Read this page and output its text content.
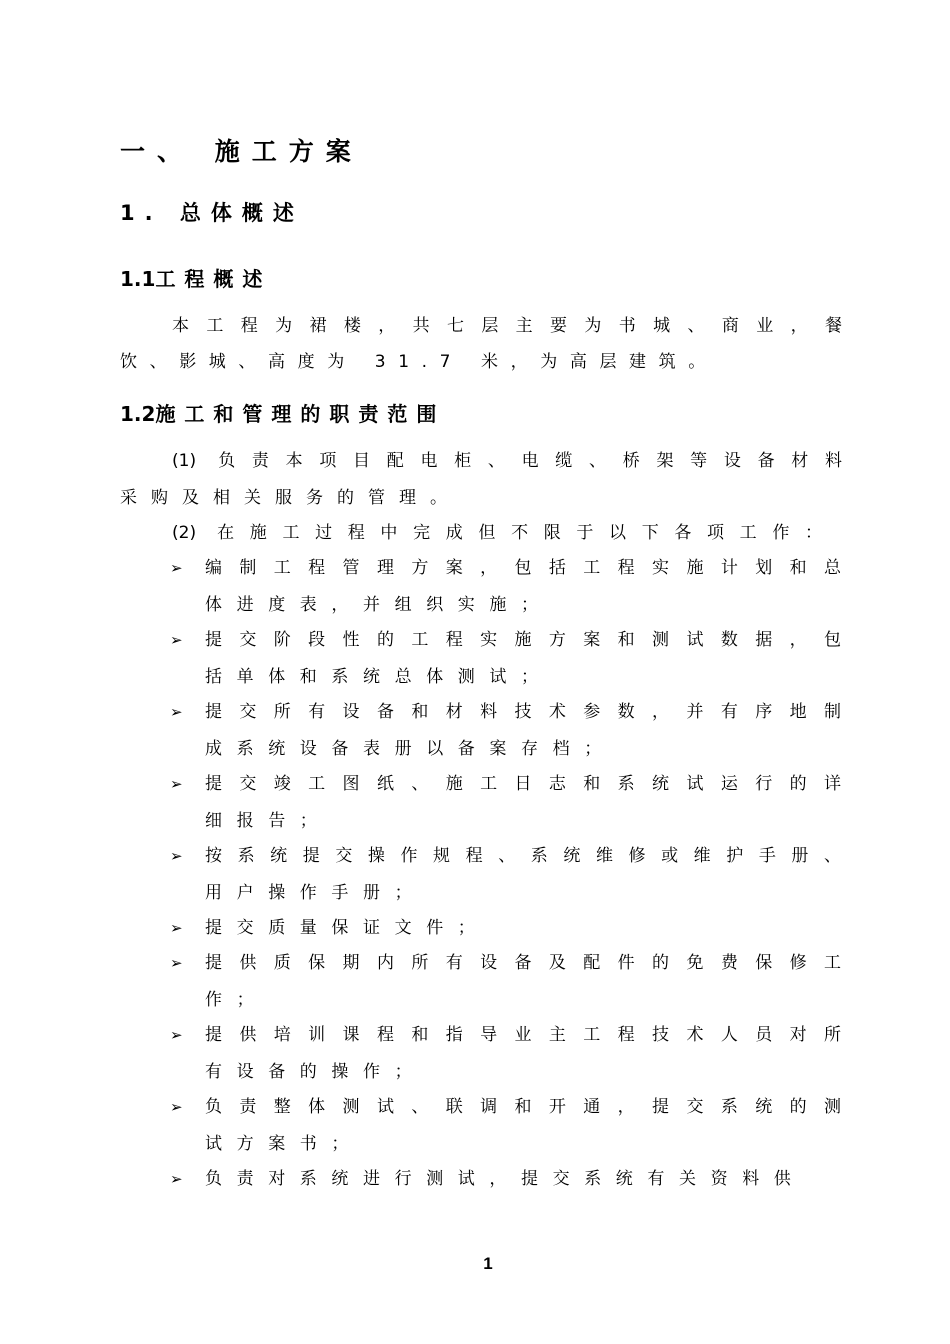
一、 施工方案
1. 总体概述
1.1工程概述
本工程为裙楼，共七层主要为书城、商业，餐
饮、影城、高度为 31.7 米，为高层建筑。
1.2施工和管理的职责范围
(1) 负责本项目配电柜、电缆、桥架等设备材料
采购及相关服务的管理。
(2) 在施工过程中完成但不限于以下各项工作：
➢ 编制工程管理方案，包括工程实施计划和总
体进度表，并组织实施；
➢ 提交阶段性的工程实施方案和测试数据，包
括单体和系统总体测试；
➢ 提交所有设备和材料技术参数，并有序地制
成系统设备表册以备案存档；
➢ 提交竣工图纸、施工日志和系统试运行的详
细报告；
➢ 按系统提交操作规程、系统维修或维护手册、
用户操作手册；
➢ 提交质量保证文件；
➢ 提供质保期内所有设备及配件的免费保修工
作；
➢ 提供培训课程和指导业主工程技术人员对所
有设备的操作；
➢ 负责整体测试、联调和开通，提交系统的测
试方案书；
➢ 负责对系统进行测试，提交系统有关资料供
1
